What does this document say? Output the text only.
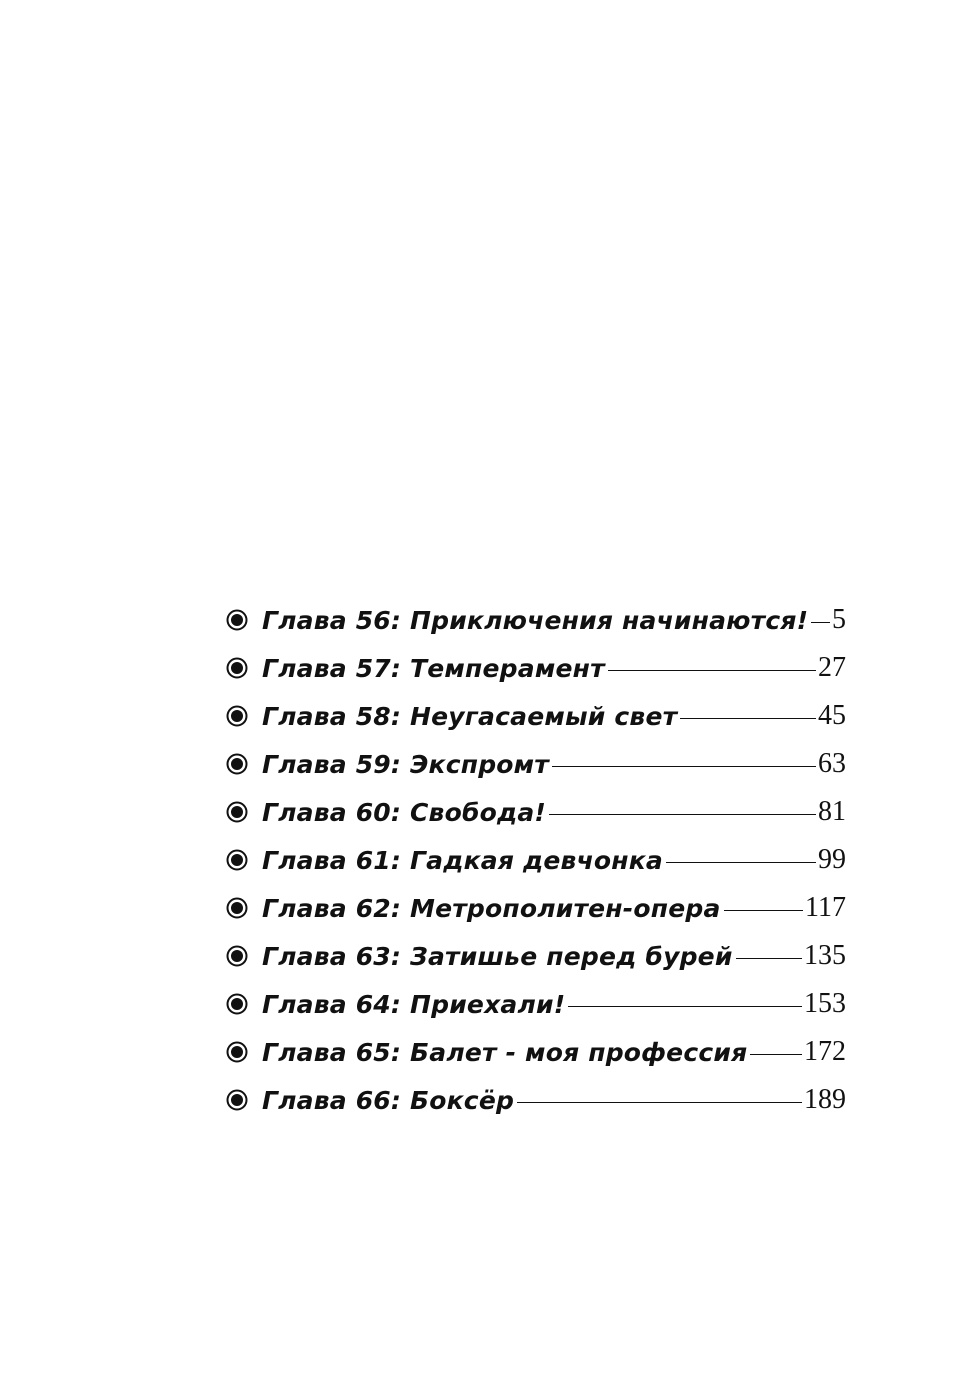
Глава 56: Приключения начинаются! 5
Глава 57: Темперамент	27
Глава 58: Неугасаемый свет	45
Глава 59: Экспромт	63
Глава 60: Свобода!	81
Глава 61: Гадкая девчонка	99
Глава 62: Метрополитен-опера	117
Глава 63: Затишье перед бурей	135
Глава 64: Приехали!	153
Глава 65: Балет - моя профессия 172
Глава 66: Боксёр	189
